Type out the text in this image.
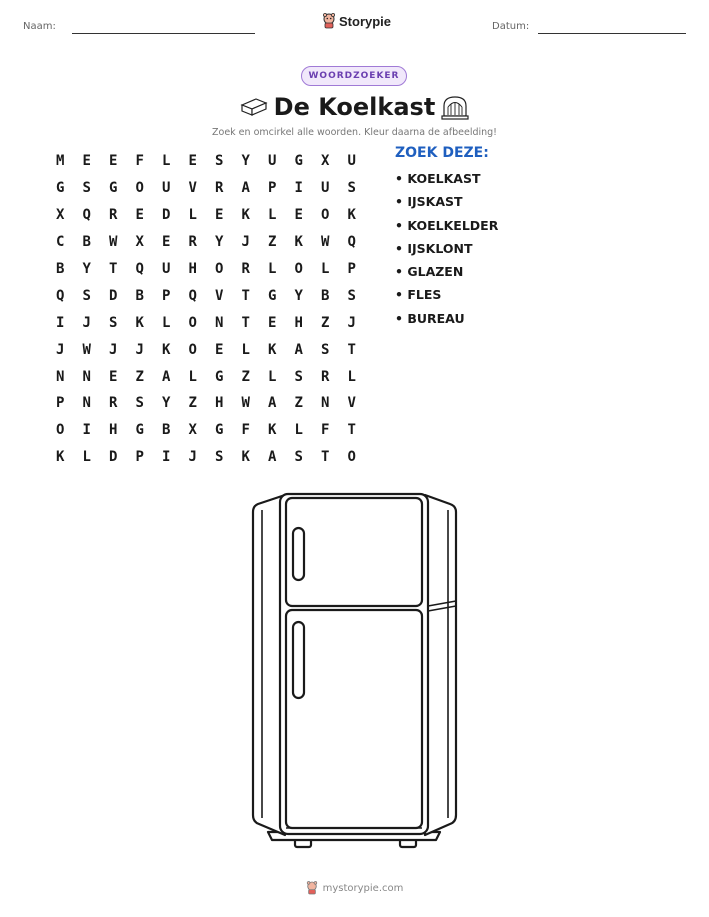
Naam:	Storypie	Datum:
WOORDZOEKER
De Koelkast
Zoek en omcirkel alle woorden. Kleur daarna de afbeelding!
M	E	E	F	L	E	S	Y	U	G	X	U
G	S	G	O	U	V	R	A	P	I	U	S
X	Q	R	E	D	L	E	K	L	E	O	K
C	B	W	X	E	R	Y	J	Z	K	W	Q
B	Y	T	Q	U	H	O	R	L	O	L	P
Q	S	D	B	P	Q	V	T	G	Y	B	S
I	J	S	K	L	O	N	T	E	H	Z	J
J	W	J	J	K	O	E	L	K	A	S	T
N	N	E	Z	A	L	G	Z	L	S	R	L
P	N	R	S	Y	Z	H	W	A	Z	N	V
O	I	H	G	B	X	G	F	K	L	F	T
K	L	D	P	I	J	S	K	A	S	T	O
ZOEK DEZE:
• KOELKAST
• IJSKAST
• KOELKELDER
• IJSKLONT
• GLAZEN
• FLES
• BUREAU
mystorypie.com
